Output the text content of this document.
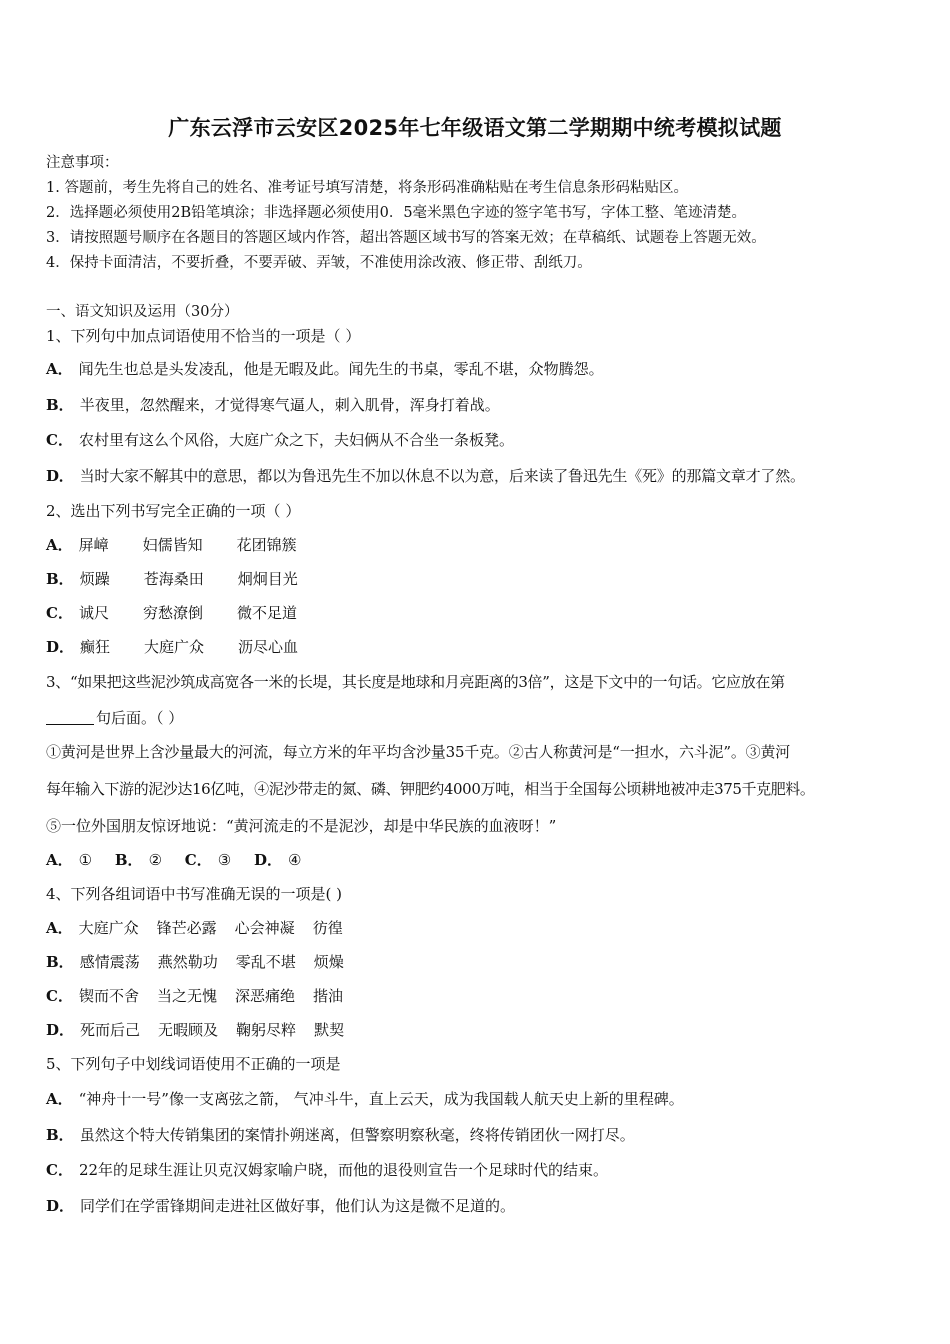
广东云浮市云安区2025年七年级语文第二学期期中统考模拟试题
注意事项：
1. 答题前，考生先将自己的姓名、准考证号填写清楚，将条形码准确粘贴在考生信息条形码粘贴区。
2．选择题必须使用2B铅笔填涂；非选择题必须使用0．5毫米黑色字迹的签字笔书写，字体工整、笔迹清楚。
3．请按照题号顺序在各题目的答题区域内作答，超出答题区域书写的答案无效；在草稿纸、试题卷上答题无效。
4．保持卡面清洁，不要折叠，不要弄破、弄皱，不准使用涂改液、修正带、刮纸刀。
一、语文知识及运用（30分）
1、下列句中加点词语使用不恰当的一项是（ ）
A． 闻先生也总是头发凌乱，他是无暇及此。闻先生的书桌，零乱不堪，众物腾怨。
B． 半夜里，忽然醒来，才觉得寒气逼人，刺入肌骨，浑身打着战。
C． 农村里有这么个风俗，大庭广众之下，夫妇俩从不合坐一条板凳。
D． 当时大家不解其中的意思，都以为鲁迅先生不加以休息不以为意，后来读了鲁迅先生《死》的那篇文章才了然。
2、选出下列书写完全正确的一项（ ）
A． 屏嶂 妇儒皆知 花团锦簇
B． 烦躁 苍海桑田 炯炯目光
C． 诚尺 穷愁潦倒 微不足道
D． 癫狂 大庭广众 沥尽心血
3、“如果把这些泥沙筑成高宽各一米的长堤，其长度是地球和月亮距离的3倍”，这是下文中的一句话。它应放在第
句后面。（ ）
①黄河是世界上含沙量最大的河流，每立方米的年平均含沙量35千克。②古人称黄河是“一担水，六斗泥”。③黄河
每年输入下游的泥沙达16亿吨，④泥沙带走的氮、磷、钾肥约4000万吨，相当于全国每公顷耕地被冲走375千克肥料。
⑤一位外国朋友惊讶地说：“黄河流走的不是泥沙，却是中华民族的血液呀！”
A． ① B． ② C． ③ D． ④
4、下列各组词语中书写准确无误的一项是( )
A． 大庭广众 锋芒必露 心会神凝 彷徨
B． 感情震荡 燕然勒功 零乱不堪 烦燥
C． 锲而不舍 当之无愧 深恶痛绝 揩油
D． 死而后己 无暇顾及 鞠躬尽粹 默契
5、下列句子中划线词语使用不正确的一项是
A． “神舟十一号”像一支离弦之箭， 气冲斗牛，直上云天，成为我国载人航天史上新的里程碑。
B． 虽然这个特大传销集团的案情扑朔迷离，但警察明察秋毫，终将传销团伙一网打尽。
C． 22年的足球生涯让贝克汉姆家喻户晓，而他的退役则宣告一个足球时代的结束。
D． 同学们在学雷锋期间走进社区做好事，他们认为这是微不足道的。
